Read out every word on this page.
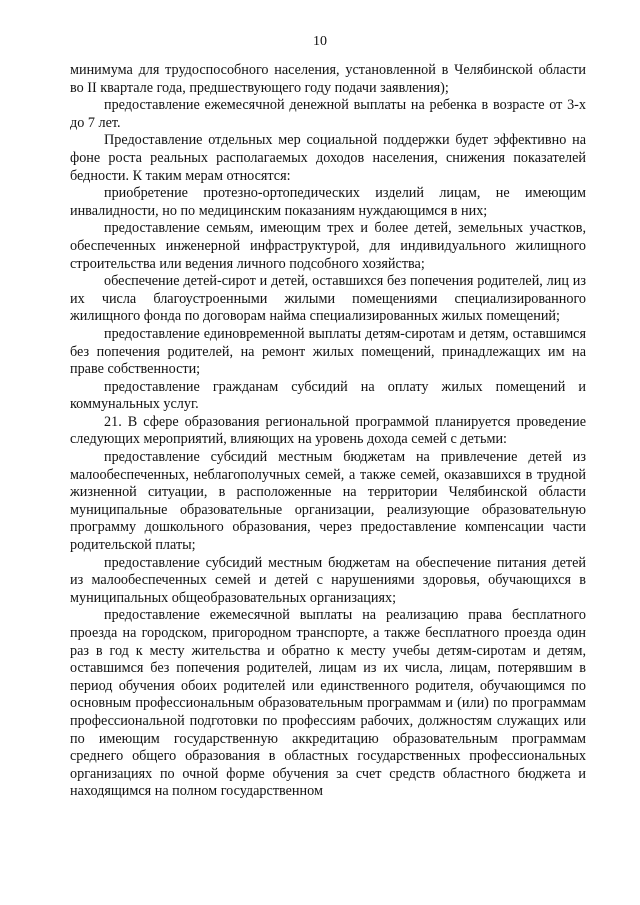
10

минимума для трудоспособного населения, установленной в Челябинской области во II квартале года, предшествующего году подачи заявления);

предоставление ежемесячной денежной выплаты на ребенка в возрасте от 3-х до 7 лет.

Предоставление отдельных мер социальной поддержки будет эффективно на фоне роста реальных располагаемых доходов населения, снижения показателей бедности. К таким мерам относятся:

приобретение протезно-ортопедических изделий лицам, не имеющим инвалидности, но по медицинским показаниям нуждающимся в них;

предоставление семьям, имеющим трех и более детей, земельных участков, обеспеченных инженерной инфраструктурой, для индивидуального жилищного строительства или ведения личного подсобного хозяйства;

обеспечение детей-сирот и детей, оставшихся без попечения родителей, лиц из их числа благоустроенными жилыми помещениями специализированного жилищного фонда по договорам найма специализированных жилых помещений;

предоставление единовременной выплаты детям-сиротам и детям, оставшимся без попечения родителей, на ремонт жилых помещений, принадлежащих им на праве собственности;

предоставление гражданам субсидий на оплату жилых помещений и коммунальных услуг.

21. В сфере образования региональной программой планируется проведение следующих мероприятий, влияющих на уровень дохода семей с детьми:

предоставление субсидий местным бюджетам на привлечение детей из малообеспеченных, неблагополучных семей, а также семей, оказавшихся в трудной жизненной ситуации, в расположенные на территории Челябинской области муниципальные образовательные организации, реализующие образовательную программу дошкольного образования, через предоставление компенсации части родительской платы;

предоставление субсидий местным бюджетам на обеспечение питания детей из малообеспеченных семей и детей с нарушениями здоровья, обучающихся в муниципальных общеобразовательных организациях;

предоставление ежемесячной выплаты на реализацию права бесплатного проезда на городском, пригородном транспорте, а также бесплатного проезда один раз в год к месту жительства и обратно к месту учебы детям-сиротам и детям, оставшимся без попечения родителей, лицам из их числа, лицам, потерявшим в период обучения обоих родителей или единственного родителя, обучающимся по основным профессиональным образовательным программам и (или) по программам профессиональной подготовки по профессиям рабочих, должностям служащих или по имеющим государственную аккредитацию образовательным программам среднего общего образования в областных государственных профессиональных организациях по очной форме обучения за счет средств областного бюджета и находящимся на полном государственном
